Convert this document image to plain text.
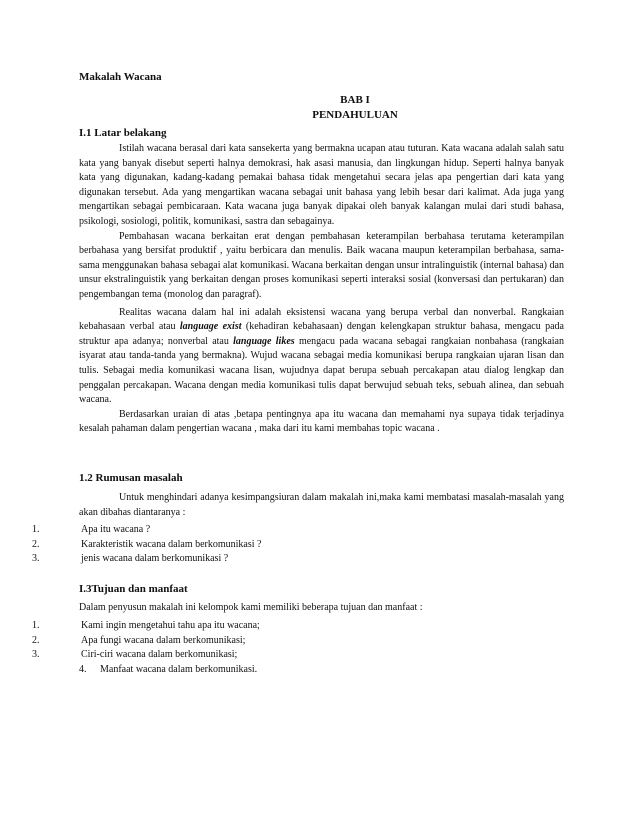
Makalah Wacana
BAB I
PENDAHULUAN
I.1 Latar belakang

Istilah wacana berasal dari kata sansekerta yang bermakna ucapan atau tuturan. Kata wacana adalah salah satu kata yang banyak disebut seperti halnya demokrasi, hak asasi manusia, dan lingkungan hidup. Seperti halnya banyak kata yang digunakan, kadang-kadang pemakai bahasa tidak mengetahui secara jelas apa pengertian dari kata yang digunakan tersebut. Ada yang mengartikan wacana sebagai unit bahasa yang lebih besar dari kalimat. Ada juga yang mengartikan sebagai pembicaraan. Kata wacana juga banyak dipakai oleh banyak kalangan mulai dari studi bahasa, psikologi, sosiologi, politik, komunikasi, sastra dan sebagainya.

Pembahasan wacana berkaitan erat dengan pembahasan keterampilan berbahasa terutama keterampilan berbahasa yang bersifat produktif , yaitu berbicara dan menulis. Baik wacana maupun keterampilan berbahasa, sama-sama menggunakan bahasa sebagai alat komunikasi. Wacana berkaitan dengan unsur intralinguistik (internal bahasa) dan unsur ekstralinguistik yang berkaitan dengan proses komunikasi seperti interaksi sosial (konversasi dan pertukaran) dan pengembangan tema (monolog dan paragraf).

Realitas wacana dalam hal ini adalah eksistensi wacana yang berupa verbal dan nonverbal. Rangkaian kebahasaan verbal atau language exist (kehadiran kebahasaan) dengan kelengkapan struktur bahasa, mengacu pada struktur apa adanya; nonverbal atau language likes mengacu pada wacana sebagai rangkaian nonbahasa (rangkaian isyarat atau tanda-tanda yang bermakna). Wujud wacana sebagai media komunikasi berupa rangkaian ujaran lisan dan tulis. Sebagai media komunikasi wacana lisan, wujudnya dapat berupa sebuah percakapan atau dialog lengkap dan penggalan percakapan. Wacana dengan media komunikasi tulis dapat berwujud sebuah teks, sebuah alinea, dan sebuah wacana.

Berdasarkan uraian di atas ,betapa pentingnya apa itu wacana dan memahami nya supaya tidak terjadinya kesalah pahaman dalam pengertian wacana , maka dari itu kami membahas topic wacana .

1.2 Rumusan masalah

Untuk menghindari adanya kesimpangsiuran dalam makalah ini,maka kami membatasi masalah-masalah yang akan dibahas diantaranya :

1.	Apa itu wacana ?
2.	Karakteristik wacana dalam berkomunikasi ?
3.	jenis wacana dalam berkomunikasi ?
I.3Tujuan dan manfaat

Dalam penyusun makalah ini kelompok kami memiliki beberapa tujuan dan manfaat :

1.	Kami ingin mengetahui tahu apa itu wacana;
2.	Apa fungi wacana dalam berkomunikasi;
3.	Ciri-ciri wacana dalam berkomunikasi;
4. Manfaat wacana dalam berkomunikasi.
